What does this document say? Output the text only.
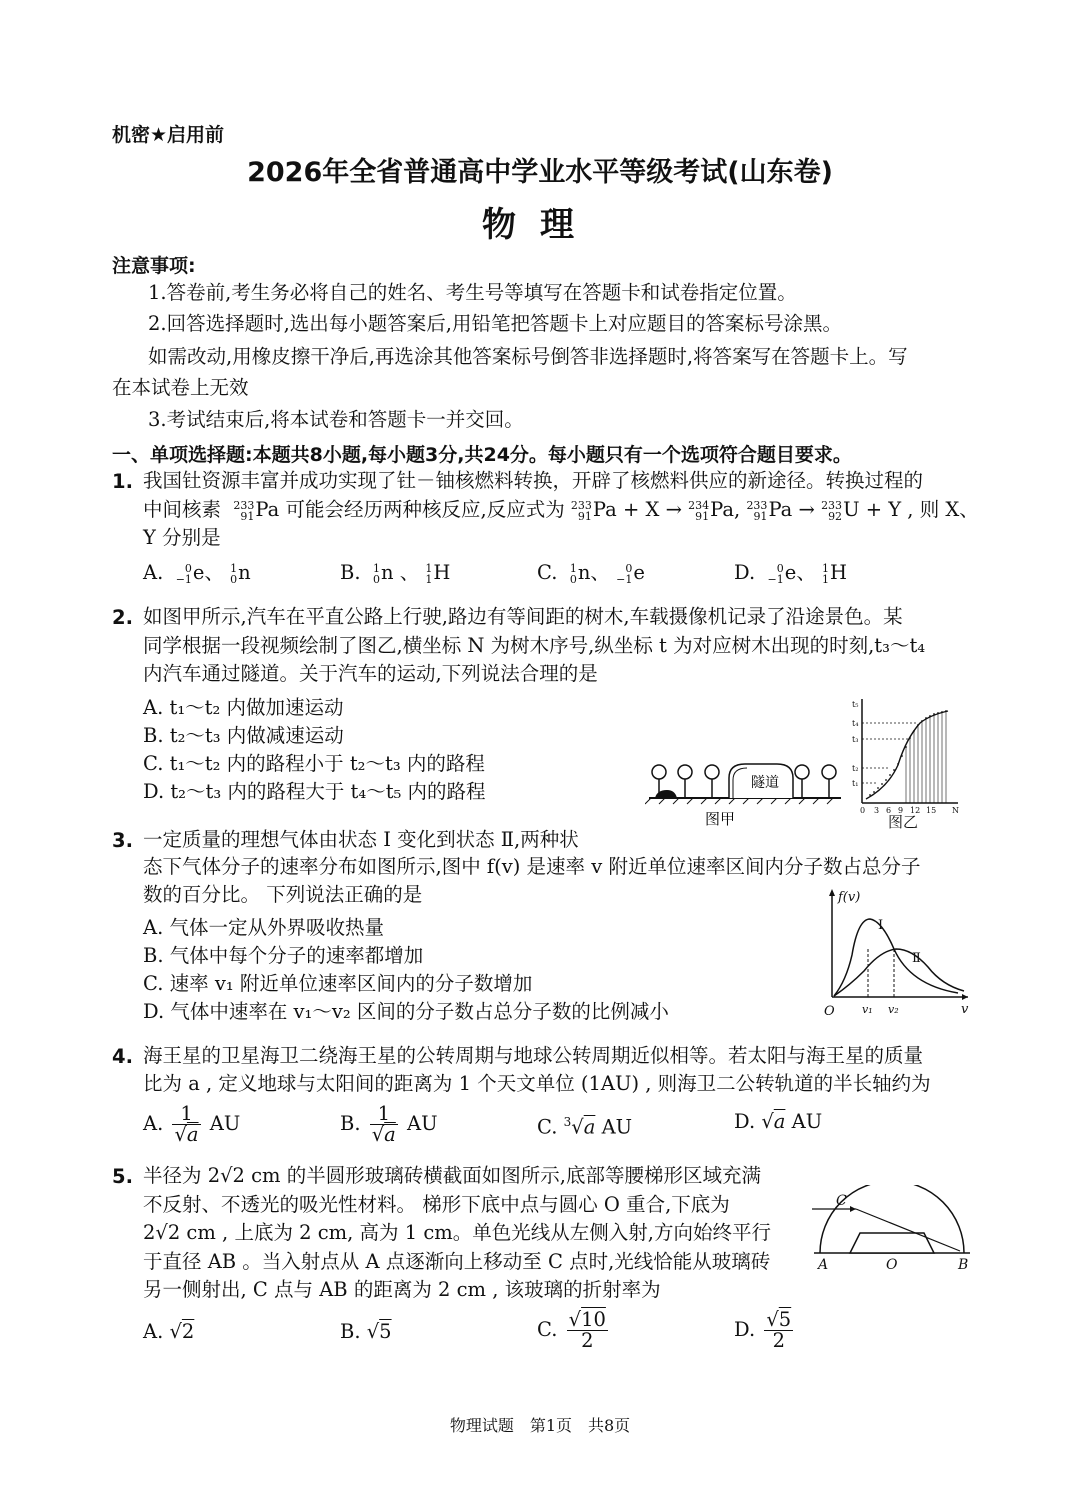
机密★启用前
2026年全省普通高中学业水平等级考试(山东卷)
物理
注意事项:
1.答卷前,考生务必将自己的姓名、考生号等填写在答题卡和试卷指定位置。
2.回答选择题时,选出每小题答案后,用铅笔把答题卡上对应题目的答案标号涂黑。
如需改动,用橡皮擦干净后,再选涂其他答案标号倒答非选择题时,将答案写在答题卡上。写
在本试卷上无效
3.考试结束后,将本试卷和答题卡一并交回。
一、单项选择题:本题共8小题,每小题3分,共24分。每小题只有一个选项符合题目要求。
1. 我国钍资源丰富并成功实现了钍－铀核燃料转换，开辟了核燃料供应的新途径。转换过程的
中间核素 233
91 Pa 可能会经历两种核反应,反应式为 233
91 Pa + X → 234
91 Pa, 233
91 Pa → 233
92 U + Y , 则 X、
Y 分别是
A.	0
−1 e、 1
0 n	B. 1
0 n 、 1
1 H	C. 1
0 n、 0
−1 e	D.	0
−1 e、 1
1 H
2. 如图甲所示,汽车在平直公路上行驶,路边有等间距的树木,车载摄像机记录了沿途景色。某
同学根据一段视频绘制了图乙,横坐标 N 为树木序号,纵坐标 t 为对应树木出现的时刻,t₃～t₄
内汽车通过隧道。关于汽车的运动,下列说法合理的是
A. t₁～t₂ 内做加速运动
B. t₂～t₃ 内做减速运动
C. t₁～t₂ 内的路程小于 t₂～t₃ 内的路程
D. t₂～t₃ 内的路程大于 t₄～t₅ 内的路程	隧道
图甲
t₅
t₄
t₃
t₂
t₁
0 3 6 9 12 15 N
图乙
3. 一定质量的理想气体由状态 Ⅰ 变化到状态 Ⅱ,两种状
态下气体分子的速率分布如图所示,图中 f(v) 是速率 v 附近单位速率区间内分子数占总分子
数的百分比。 下列说法正确的是
A. 气体一定从外界吸收热量
B. 气体中每个分子的速率都增加
C. 速率 v₁ 附近单位速率区间内的分子数增加
D. 气体中速率在 v₁～v₂ 区间的分子数占总分子数的比例减小
f(v)
O	v
Ⅰ
Ⅱ
v₁ v₂
4. 海王星的卫星海卫二绕海王星的公转周期与地球公转周期近似相等。若太阳与海王星的质量
比为 a , 定义地球与太阳间的距离为 1 个天文单位 (1AU) , 则海卫二公转轨道的半长轴约为
A. $\frac{1}{√a}$ AU	B. $\frac{1}{√a}$ AU	C. $^3$√a AU	D. √a AU
5. 半径为 2√2 cm 的半圆形玻璃砖横截面如图所示,底部等腰梯形区域充满
不反射、不透光的吸光性材料。 梯形下底中点与圆心 O 重合,下底为
2√2 cm , 上底为 2 cm, 高为 1 cm。单色光线从左侧入射,方向始终平行
于直径 AB 。当入射点从 A 点逐渐向上移动至 C 点时,光线恰能从玻璃砖
另一侧射出, C 点与 AB 的距离为 2 cm , 该玻璃的折射率为
C
A	O	B
A. √2	B. √5	C. $\frac{√10}{2}$	D. $\frac{√5}{2}$
物理试题　第1页　共8页
